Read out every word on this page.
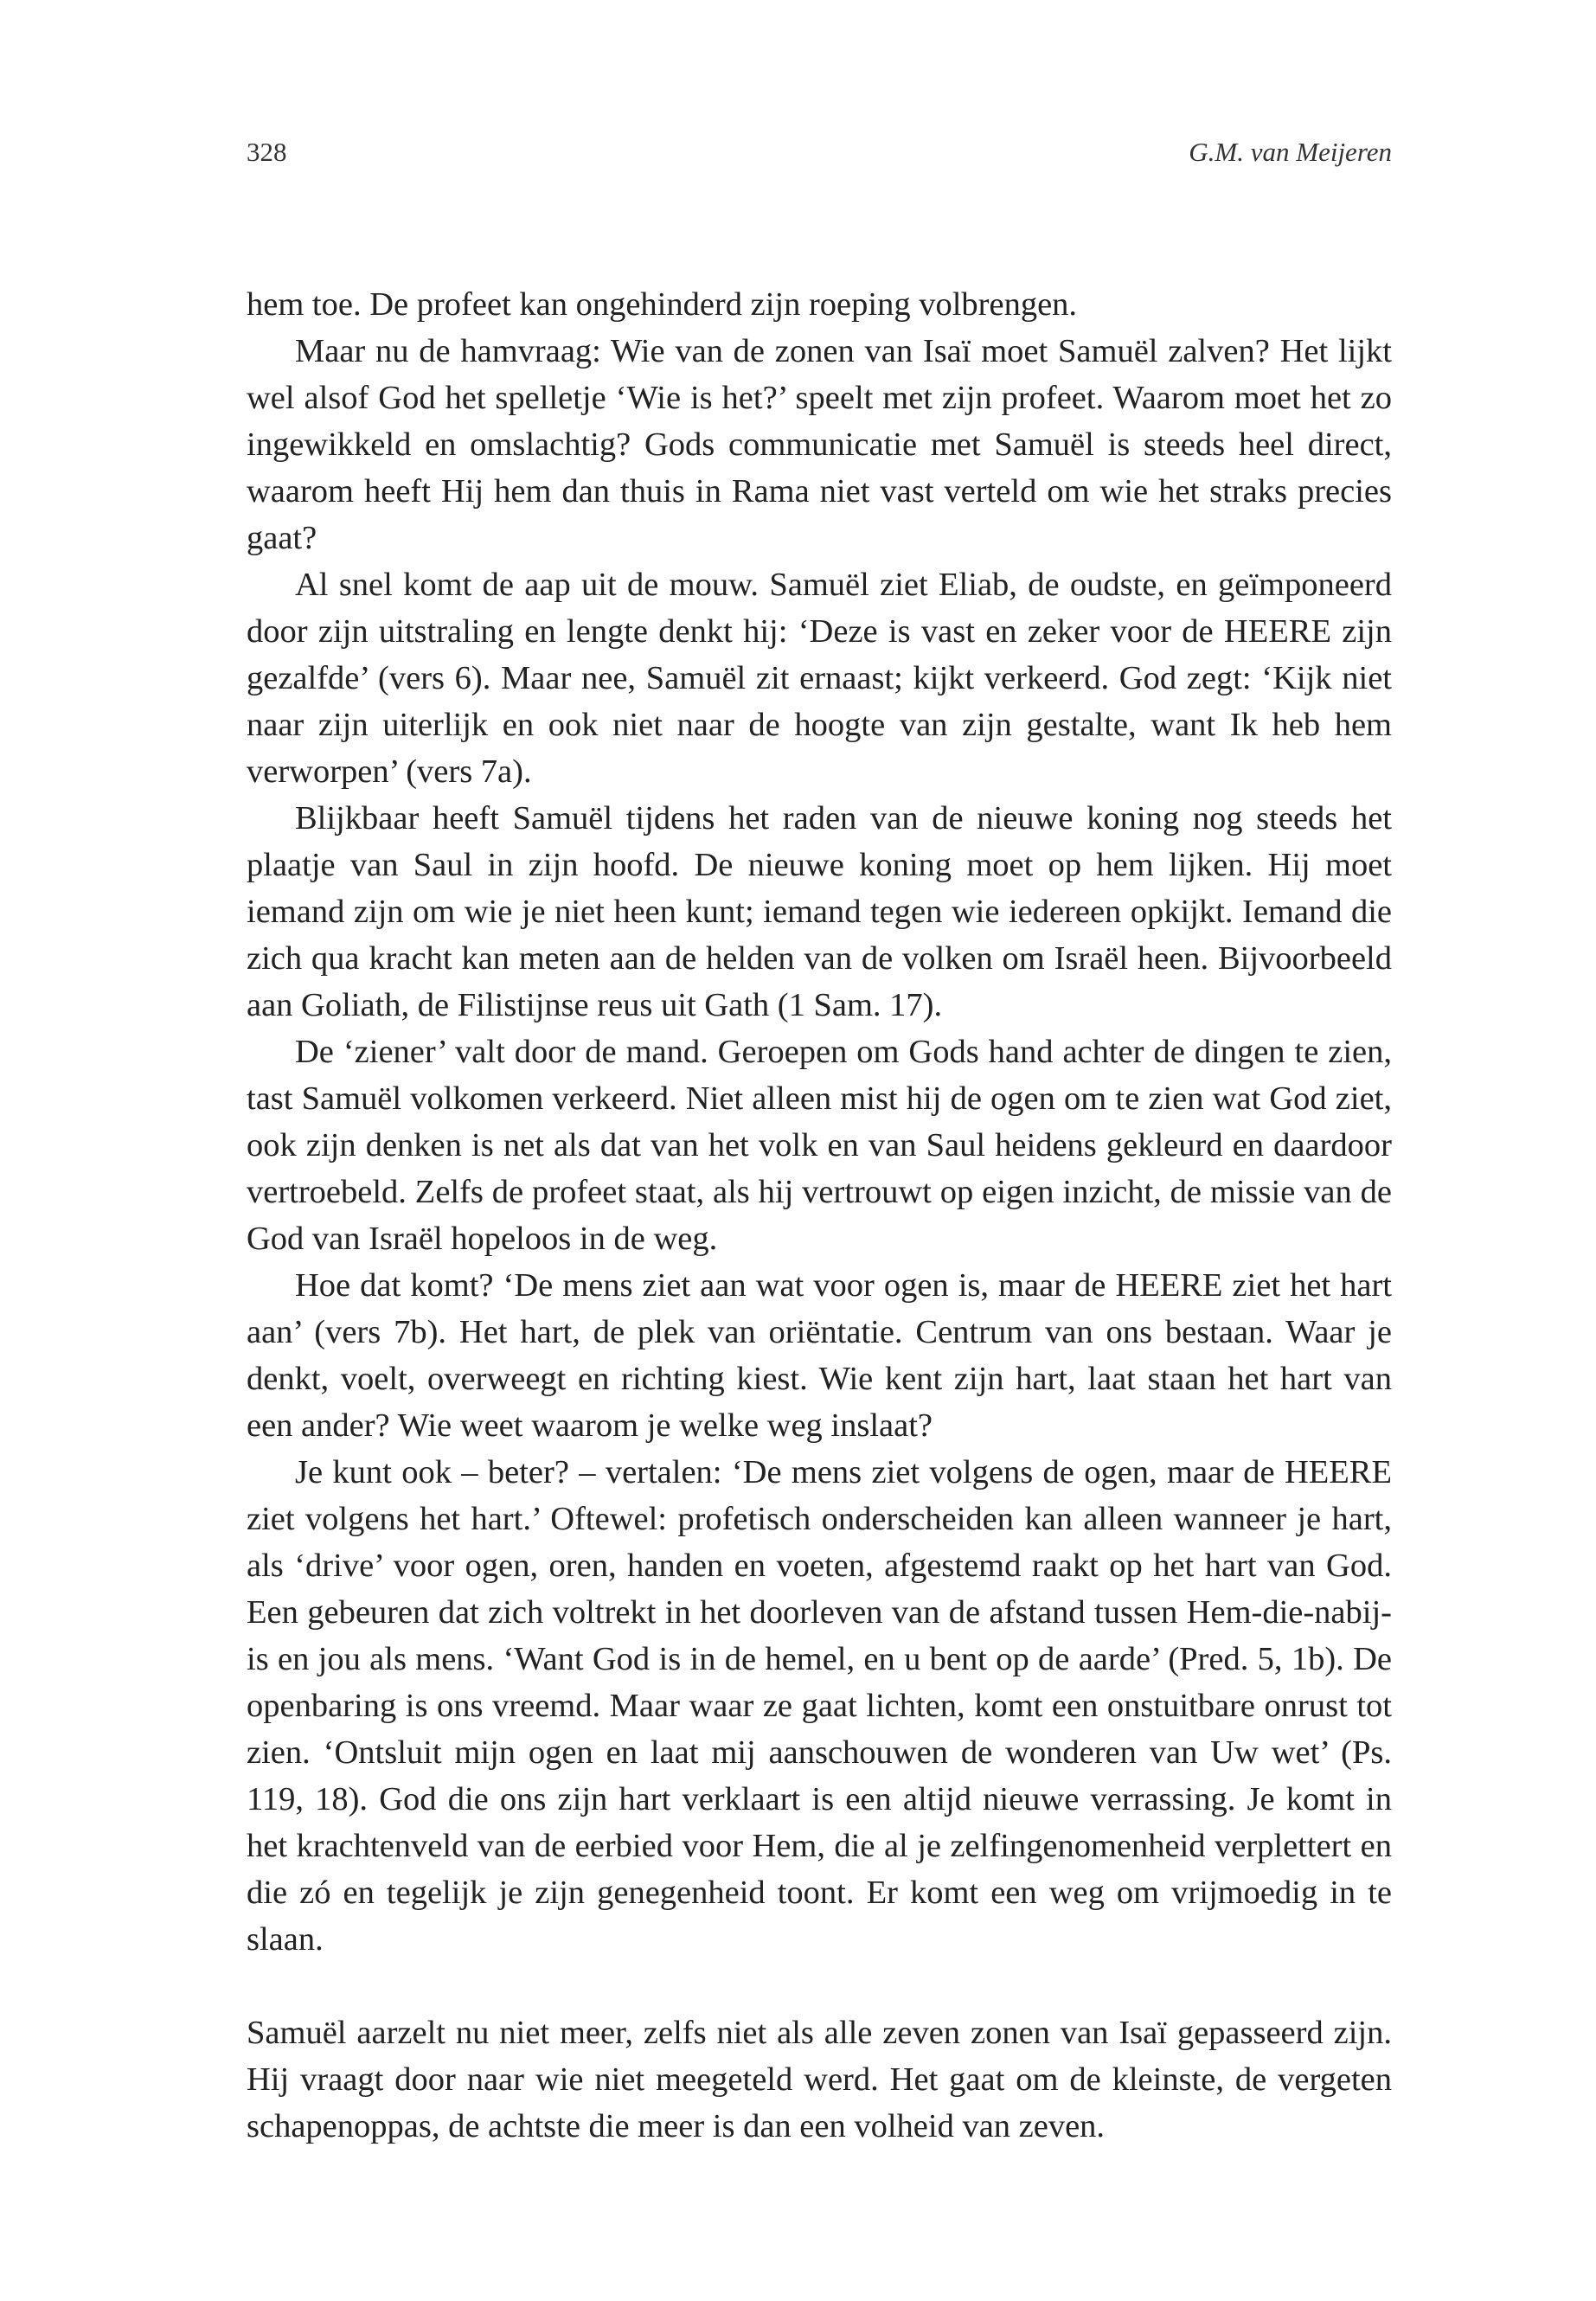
328	G.M. van Meijeren

hem toe. De profeet kan ongehinderd zijn roeping volbrengen.

Maar nu de hamvraag: Wie van de zonen van Isaï moet Samuël zalven? Het lijkt wel alsof God het spelletje ‘Wie is het?’ speelt met zijn profeet. Waarom moet het zo ingewikkeld en omslachtig? Gods communicatie met Samuël is steeds heel direct, waarom heeft Hij hem dan thuis in Rama niet vast verteld om wie het straks precies gaat?

Al snel komt de aap uit de mouw. Samuël ziet Eliab, de oudste, en geïmponeerd door zijn uitstraling en lengte denkt hij: ‘Deze is vast en zeker voor de HEERE zijn gezalfde’ (vers 6). Maar nee, Samuël zit ernaast; kijkt verkeerd. God zegt: ‘Kijk niet naar zijn uiterlijk en ook niet naar de hoogte van zijn gestalte, want Ik heb hem verworpen’ (vers 7a).

Blijkbaar heeft Samuël tijdens het raden van de nieuwe koning nog steeds het plaatje van Saul in zijn hoofd. De nieuwe koning moet op hem lijken. Hij moet iemand zijn om wie je niet heen kunt; iemand tegen wie iedereen opkijkt. Iemand die zich qua kracht kan meten aan de helden van de volken om Israël heen. Bijvoorbeeld aan Goliath, de Filistijnse reus uit Gath (1 Sam. 17).

De ‘ziener’ valt door de mand. Geroepen om Gods hand achter de dingen te zien, tast Samuël volkomen verkeerd. Niet alleen mist hij de ogen om te zien wat God ziet, ook zijn denken is net als dat van het volk en van Saul heidens gekleurd en daardoor vertroebeld. Zelfs de profeet staat, als hij vertrouwt op eigen inzicht, de missie van de God van Israël hopeloos in de weg.

Hoe dat komt? ‘De mens ziet aan wat voor ogen is, maar de HEERE ziet het hart aan’ (vers 7b). Het hart, de plek van oriëntatie. Centrum van ons bestaan. Waar je denkt, voelt, overweegt en richting kiest. Wie kent zijn hart, laat staan het hart van een ander? Wie weet waarom je welke weg inslaat?

Je kunt ook – beter? – vertalen: ‘De mens ziet volgens de ogen, maar de HEERE ziet volgens het hart.’ Oftewel: profetisch onderscheiden kan alleen wanneer je hart, als ‘drive’ voor ogen, oren, handen en voeten, afgestemd raakt op het hart van God. Een gebeuren dat zich voltrekt in het doorleven van de afstand tussen Hem-die-nabij-is en jou als mens. ‘Want God is in de hemel, en u bent op de aarde’ (Pred. 5, 1b). De openbaring is ons vreemd. Maar waar ze gaat lichten, komt een onstuitbare onrust tot zien. ‘Ontsluit mijn ogen en laat mij aanschouwen de wonderen van Uw wet’ (Ps. 119, 18). God die ons zijn hart verklaart is een altijd nieuwe verrassing. Je komt in het krachtenveld van de eerbied voor Hem, die al je zelfingenomenheid verplettert en die zó en tegelijk je zijn genegenheid toont. Er komt een weg om vrijmoedig in te slaan.

Samuël aarzelt nu niet meer, zelfs niet als alle zeven zonen van Isaï gepasseerd zijn. Hij vraagt door naar wie niet meegeteld werd. Het gaat om de kleinste, de vergeten schapenoppas, de achtste die meer is dan een volheid van zeven.
